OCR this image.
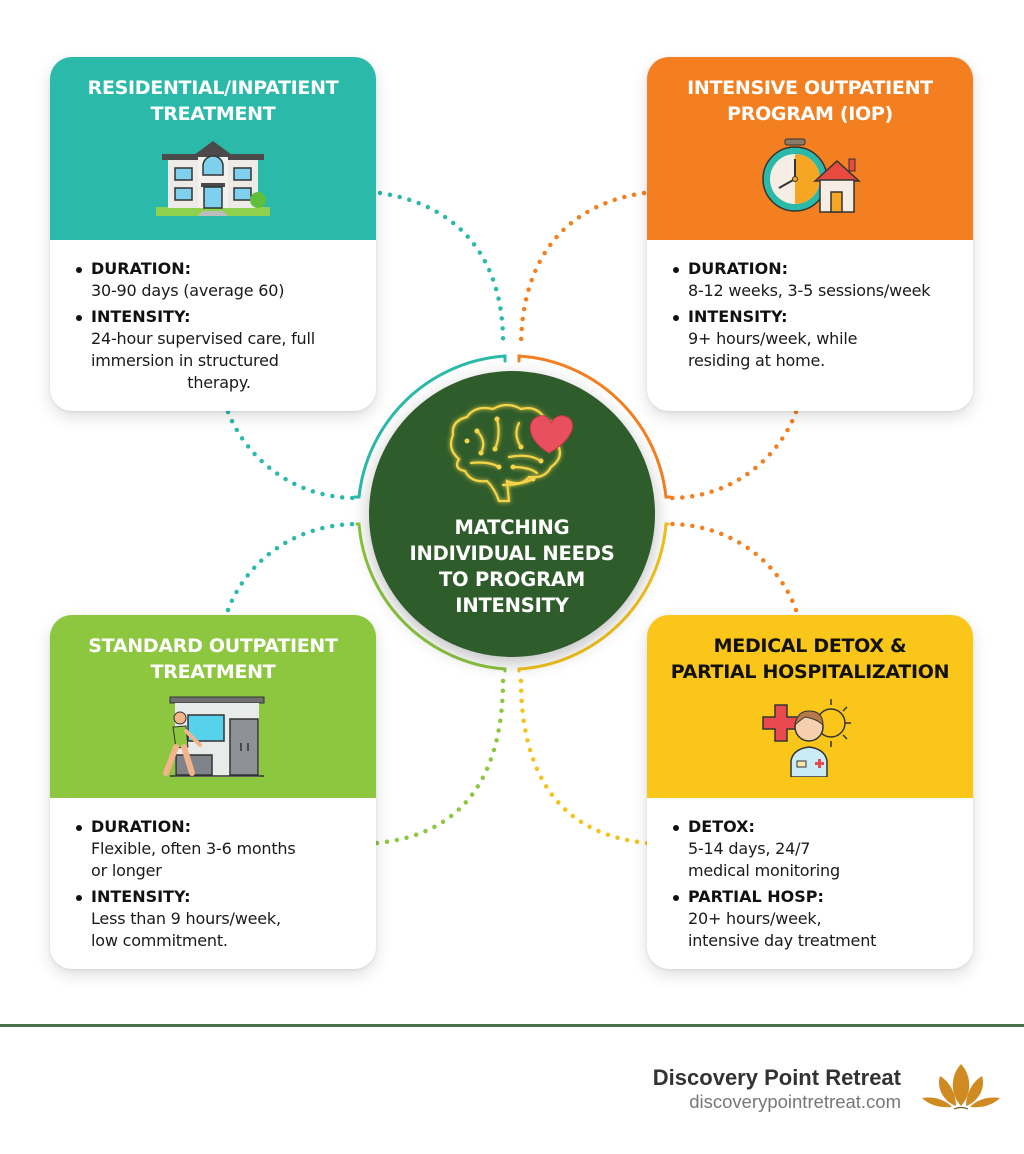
RESIDENTIAL/INPATIENT
TREATMENT
DURATION:
30-90 days (average 60)
INTENSITY:
24-hour supervised care, full
immersion in structured
therapy.
INTENSIVE OUTPATIENT
PROGRAM (IOP)
DURATION:
8-12 weeks, 3-5 sessions/week
INTENSITY:
9+ hours/week, while
residing at home.
STANDARD OUTPATIENT
TREATMENT
DURATION:
Flexible, often 3-6 months
or longer
INTENSITY:
Less than 9 hours/week,
low commitment.
MEDICAL DETOX &
PARTIAL HOSPITALIZATION
DETOX:
5-14 days, 24/7
medical monitoring
PARTIAL HOSP:
20+ hours/week,
intensive day treatment
MATCHING
INDIVIDUAL NEEDS
TO PROGRAM
INTENSITY
Discovery Point Retreat
discoverypointretreat.com
